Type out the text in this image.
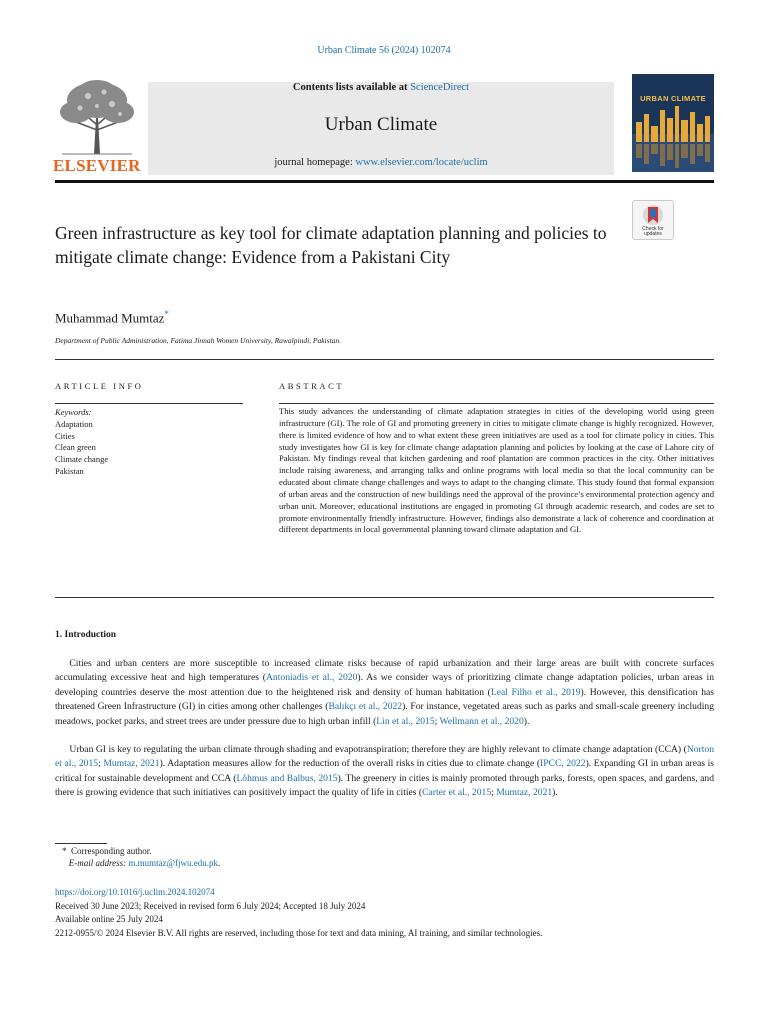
Urban Climate 56 (2024) 102074
ELSEVIER
Contents lists available at ScienceDirect
Urban Climate
journal homepage: www.elsevier.com/locate/uclim
URBAN CLIMATE
Check for updates
Green infrastructure as key tool for climate adaptation planning and policies to mitigate climate change: Evidence from a Pakistani City
Muhammad Mumtaz*
Department of Public Administration, Fatima Jinnah Women University, Rawalpindi, Pakistan.
ARTICLE INFO	ABSTRACT
Keywords:
Adaptation
Cities
Clean green
Climate change
Pakistan
This study advances the understanding of climate adaptation strategies in cities of the developing world using green infrastructure (GI). The role of GI and promoting greenery in cities to mitigate climate change is highly recognized. However, there is limited evidence of how and to what extent these green initiatives are used as a tool for climate policy in cities. This study investigates how GI is key for climate change adaptation planning and policies by looking at the case of Lahore city of Pakistan. My findings reveal that kitchen gardening and roof plantation are common practices in the city. Other initiatives include raising awareness, and arranging talks and online programs with local media so that the local community can be educated about climate change challenges and ways to adapt to the changing climate. This study found that formal expansion of urban areas and the construction of new buildings need the approval of the province’s environmental protection agency and urban unit. Moreover, educational institutions are engaged in promoting GI through academic research, and codes are set to promote environmentally friendly infrastructure. However, findings also demonstrate a lack of coherence and coordination at different departments in local governmental planning toward climate adaptation and GI.
1. Introduction
  Cities and urban centers are more susceptible to increased climate risks because of rapid urbanization and their large areas are built with concrete surfaces accumulating excessive heat and high temperatures (Antoniadis et al., 2020). As we consider ways of prioritizing climate change adaptation policies, urban areas in developing countries deserve the most attention due to the heightened risk and density of human habitation (Leal Filho et al., 2019). However, this densification has threatened Green Infrastructure (GI) in cities among other challenges (Balıkçı et al., 2022). For instance, vegetated areas such as parks and small-scale greenery including meadows, pocket parks, and street trees are under pressure due to high urban infill (Lin et al., 2015; Wellmann et al., 2020).
  Urban GI is key to regulating the urban climate through shading and evapotranspiration; therefore they are highly relevant to climate change adaptation (CCA) (Norton et al., 2015; Mumtaz, 2021). Adaptation measures allow for the reduction of the overall risks in cities due to climate change (IPCC, 2022). Expanding GI in urban areas is critical for sustainable development and CCA (Lõhmus and Balbus, 2015). The greenery in cities is mainly promoted through parks, forests, open spaces, and gardens, and there is growing evidence that such initiatives can positively impact the quality of life in cities (Carter et al., 2015; Mumtaz, 2021).
* Corresponding author.
E-mail address: m.mumtaz@fjwu.edu.pk.
https://doi.org/10.1016/j.uclim.2024.102074
Received 30 June 2023; Received in revised form 6 July 2024; Accepted 18 July 2024
Available online 25 July 2024
2212-0955/© 2024 Elsevier B.V. All rights are reserved, including those for text and data mining, AI training, and similar technologies.
